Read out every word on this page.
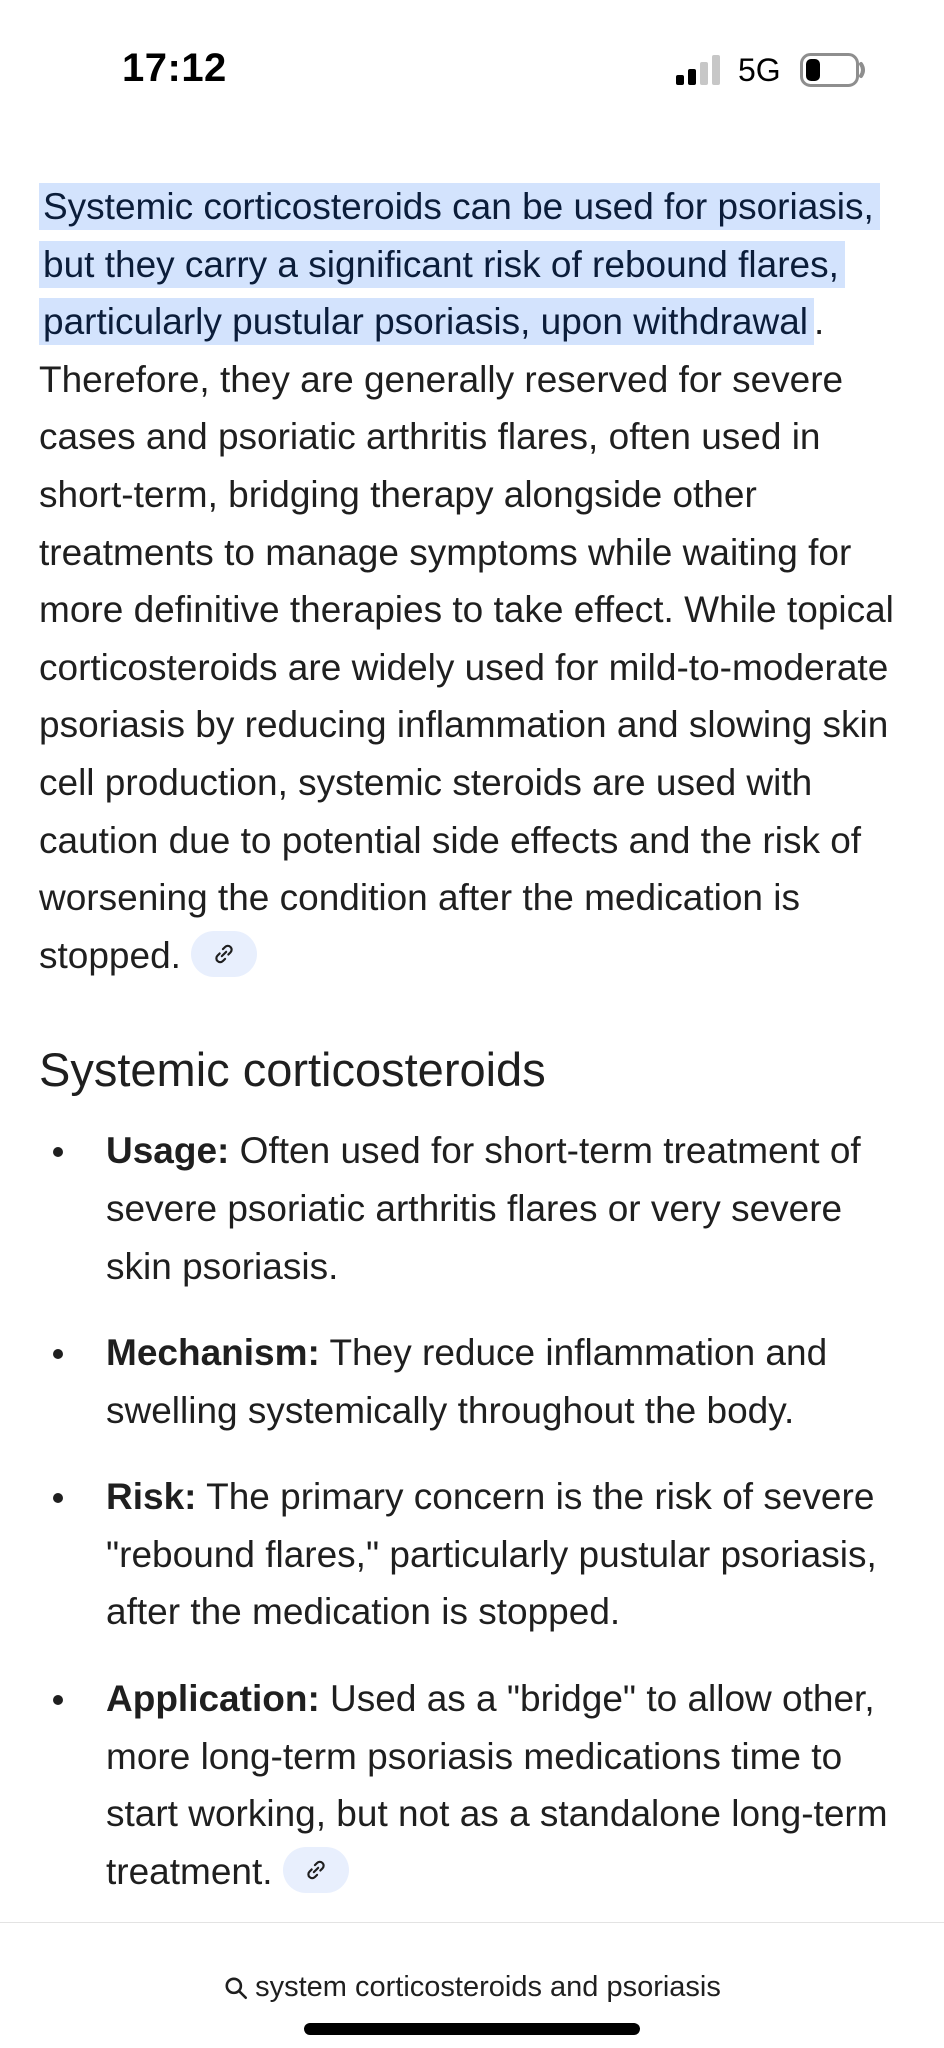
17:12	5G

Systemic corticosteroids can be used for psoriasis, but they carry a significant risk of rebound flares, particularly pustular psoriasis, upon withdrawal . Therefore, they are generally reserved for severe cases and psoriatic arthritis flares, often used in short-term, bridging therapy alongside other treatments to manage symptoms while waiting for more definitive therapies to take effect. While topical corticosteroids are widely used for mild-to-moderate psoriasis by reducing inflammation and slowing skin cell production, systemic steroids are used with caution due to potential side effects and the risk of worsening the condition after the medication is stopped.

Systemic corticosteroids
Usage: Often used for short-term treatment of severe psoriatic arthritis flares or very severe skin psoriasis.
Mechanism: They reduce inflammation and swelling systemically throughout the body.
Risk: The primary concern is the risk of severe "rebound flares," particularly pustular psoriasis, after the medication is stopped.
Application: Used as a "bridge" to allow other, more long-term psoriasis medications time to start working, but not as a standalone long-term treatment.
system corticosteroids and psoriasis
